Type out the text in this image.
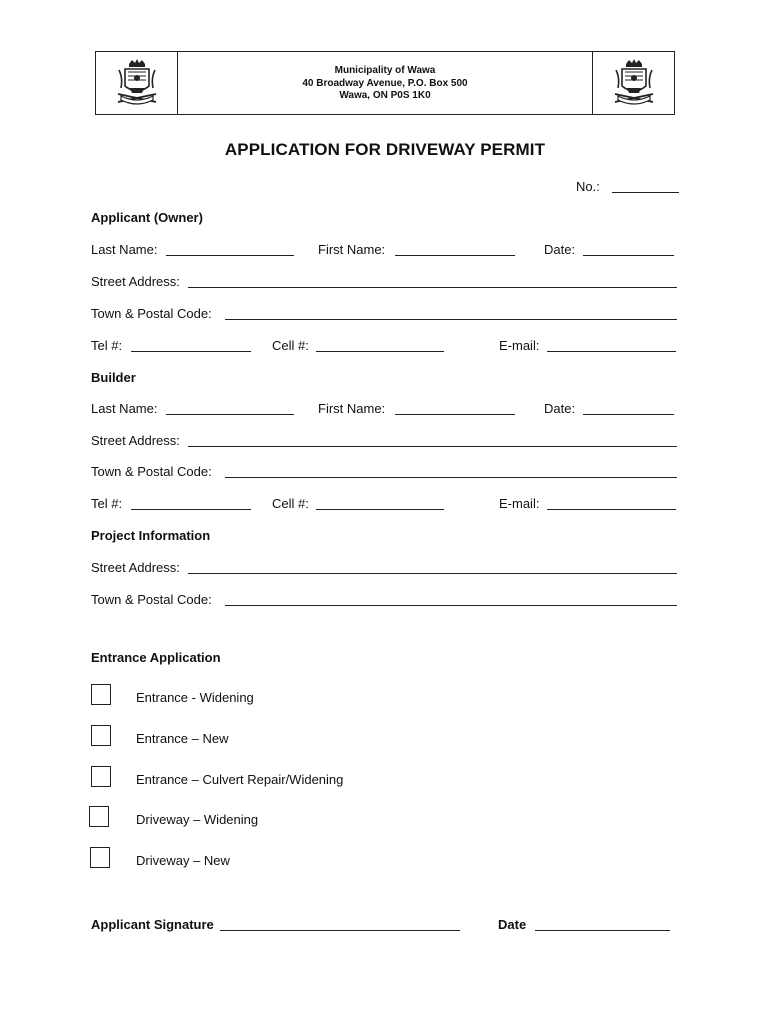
Municipality of Wawa
40 Broadway Avenue, P.O. Box 500
Wawa, ON P0S 1K0
APPLICATION FOR DRIVEWAY PERMIT
No.:
Applicant (Owner)
Last Name:	First Name:	Date:
Street Address:
Town & Postal Code:
Tel #:	Cell #:	E-mail:
Builder
Last Name:	First Name:	Date:
Street Address:
Town & Postal Code:
Tel #:	Cell #:	E-mail:
Project Information
Street Address:
Town & Postal Code:
Entrance Application
Entrance - Widening
Entrance – New
Entrance – Culvert Repair/Widening
Driveway – Widening
Driveway – New
Applicant Signature	Date
